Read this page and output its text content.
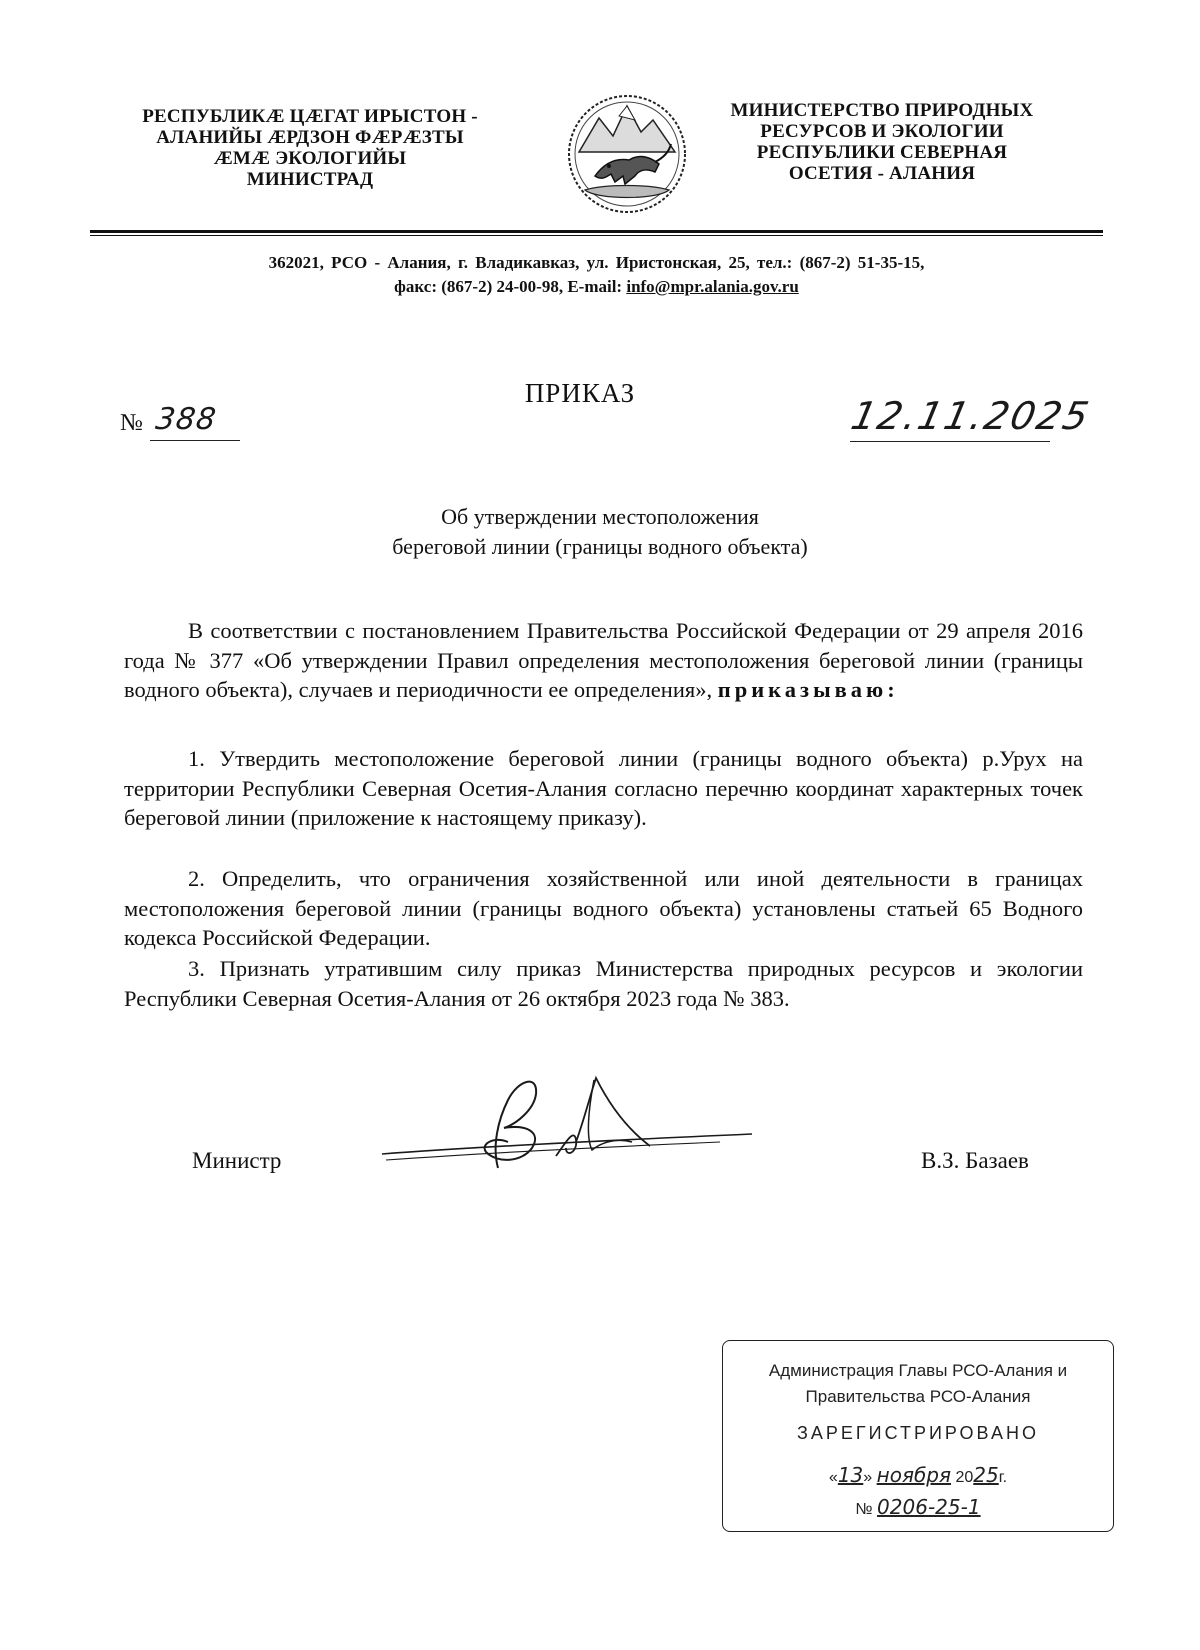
РЕСПУБЛИКÆ ЦÆГАТ ИРЫСТОН -
АЛАНИЙЫ ÆРДЗОН ФÆРÆЗТЫ
ÆМÆ ЭКОЛОГИЙЫ
МИНИСТРАД
МИНИСТЕРСТВО ПРИРОДНЫХ
РЕСУРСОВ И ЭКОЛОГИИ
РЕСПУБЛИКИ СЕВЕРНАЯ
ОСЕТИЯ - АЛАНИЯ
362021, РСО - Алания, г. Владикавказ, ул. Иристонская, 25, тел.: (867-2) 51-35-15,
факс: (867-2) 24-00-98, E-mail: info@mpr.alania.gov.ru
ПРИКАЗ
№ 388	12.11.2025
Об утверждении местоположения
береговой линии (границы водного объекта)
В соответствии с постановлением Правительства Российской Федерации от 29 апреля 2016 года № 377 «Об утверждении Правил определения местоположения береговой линии (границы водного объекта), случаев и периодичности ее определения», приказываю:
1. Утвердить местоположение береговой линии (границы водного объекта) р.Урух на территории Республики Северная Осетия-Алания согласно перечню координат характерных точек береговой линии (приложение к настоящему приказу).
2. Определить, что ограничения хозяйственной или иной деятельности в границах местоположения береговой линии (границы водного объекта) установлены статьей 65 Водного кодекса Российской Федерации.
3. Признать утратившим силу приказ Министерства природных ресурсов и экологии Республики Северная Осетия-Алания от 26 октября 2023 года № 383.
Министр	В.З. Базаев
Администрация Главы РСО-Алания и
Правительства РСО-Алания
ЗАРЕГИСТРИРОВАНО
«13» ноября 2025г.
№ 0206-25-1
